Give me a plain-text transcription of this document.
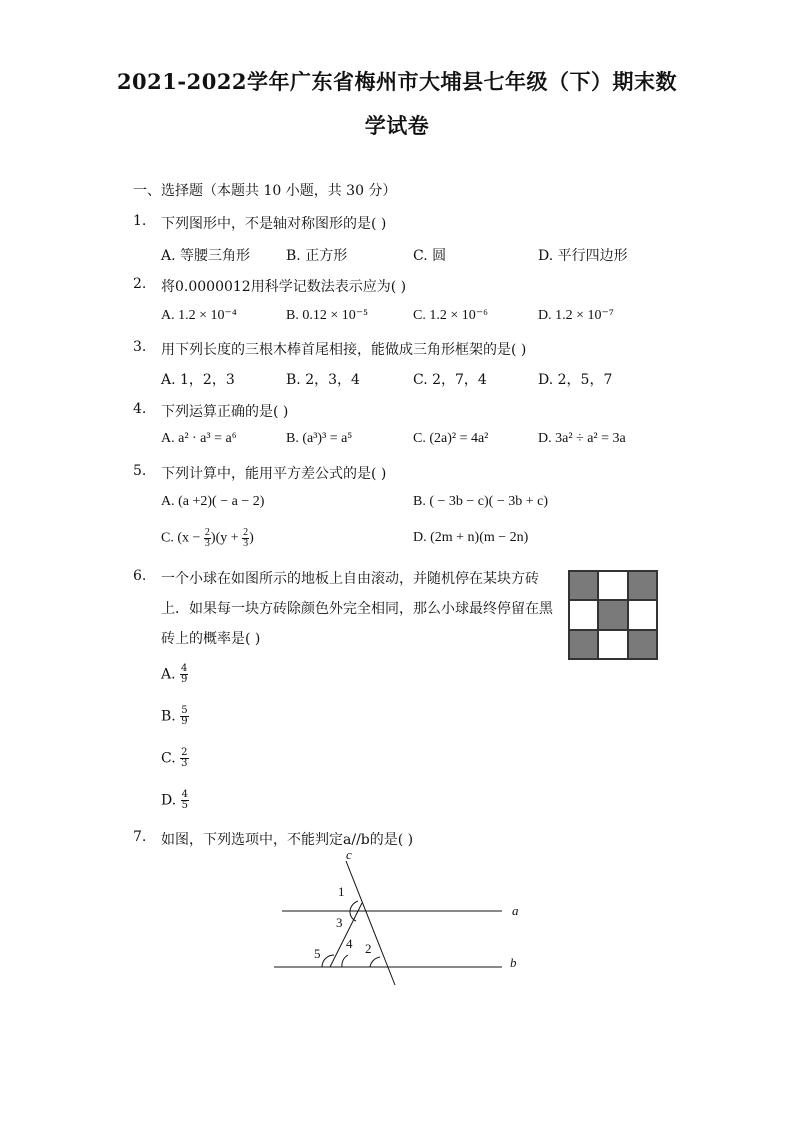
2021-2022学年广东省梅州市大埔县七年级（下）期末数
学试卷
一、选择题（本题共 10 小题，共 30 分）
1.	下列图形中，不是轴对称图形的是( )
A. 等腰三角形	B. 正方形	C. 圆	D. 平行四边形
2.	将0.0000012用科学记数法表示应为( )
A. 1.2 × 10⁻⁴	B. 0.12 × 10⁻⁵	C. 1.2 × 10⁻⁶	D. 1.2 × 10⁻⁷
3.	用下列长度的三根木棒首尾相接，能做成三角形框架的是( )
A. 1，2，3	B. 2，3，4	C. 2，7，4	D. 2，5，7
4.	下列运算正确的是( )
A. a² · a³ = a⁶	B. (a³)³ = a⁵	C. (2a)² = 4a²	D. 3a² ÷ a² = 3a
5.	下列计算中，能用平方差公式的是( )
A. (a +2)( − a − 2)	B. ( − 3b − c)( − 3b + c)
C. $(x - \frac{2}{3} )(y + \frac{2}{3}$ )	D. (2m + n)(m − 2n)
6.	一个小球在如图所示的地板上自由滚动，并随机停在某块方砖
上．如果每一块方砖除颜色外完全相同，那么小球最终停留在黑
砖上的概率是( )
A. $\frac{4}{9}$
B. $\frac{5}{9}$
C. $\frac{2}{3}$
D. $\frac{4}{5}$
7.	如图，下列选项中，不能判定a//b的是( )
c
a
b
1
3
4
5	2
